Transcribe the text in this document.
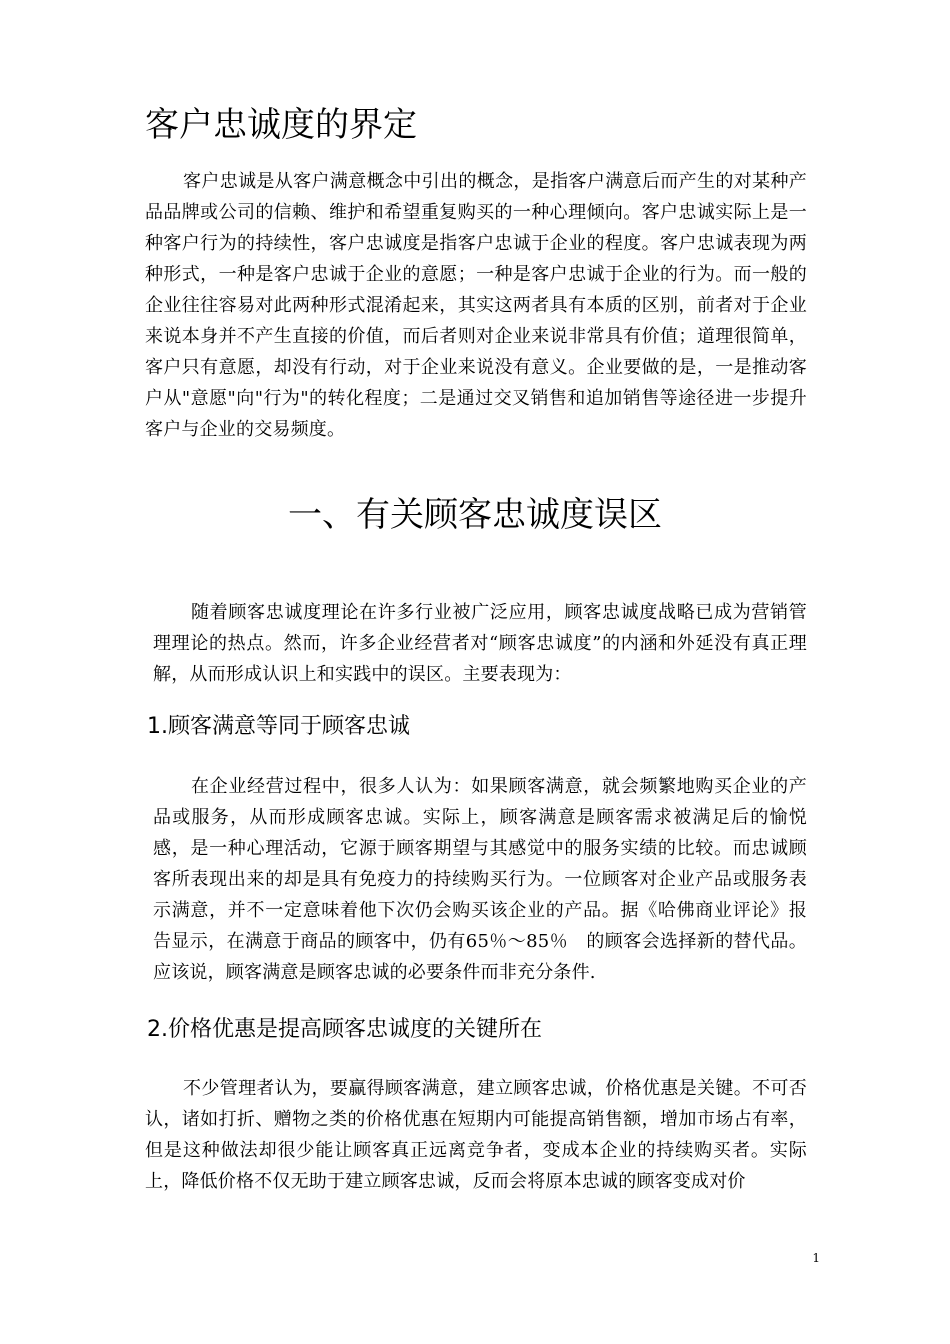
客户忠诚度的界定

客户忠诚是从客户满意概念中引出的概念，是指客户满意后而产生的对某种产品品牌或公司的信赖、维护和希望重复购买的一种心理倾向。客户忠诚实际上是一种客户行为的持续性，客户忠诚度是指客户忠诚于企业的程度。客户忠诚表现为两种形式，一种是客户忠诚于企业的意愿；一种是客户忠诚于企业的行为。而一般的企业往往容易对此两种形式混淆起来，其实这两者具有本质的区别，前者对于企业来说本身并不产生直接的价值，而后者则对企业来说非常具有价值；道理很简单，客户只有意愿，却没有行动，对于企业来说没有意义。企业要做的是，一是推动客户从"意愿"向"行为"的转化程度；二是通过交叉销售和追加销售等途径进一步提升客户与企业的交易频度。

一、有关顾客忠诚度误区

随着顾客忠诚度理论在许多行业被广泛应用，顾客忠诚度战略已成为营销管理理论的热点。然而，许多企业经营者对“顾客忠诚度”的内涵和外延没有真正理解，从而形成认识上和实践中的误区。主要表现为：

1.顾客满意等同于顾客忠诚

在企业经营过程中，很多人认为：如果顾客满意，就会频繁地购买企业的产品或服务，从而形成顾客忠诚。实际上，顾客满意是顾客需求被满足后的愉悦感，是一种心理活动，它源于顾客期望与其感觉中的服务实绩的比较。而忠诚顾客所表现出来的却是具有免疫力的持续购买行为。一位顾客对企业产品或服务表示满意，并不一定意味着他下次仍会购买该企业的产品。据《哈佛商业评论》报告显示，在满意于商品的顾客中，仍有65％～85％　的顾客会选择新的替代品。应该说，顾客满意是顾客忠诚的必要条件而非充分条件.

2.价格优惠是提高顾客忠诚度的关键所在

不少管理者认为，要赢得顾客满意，建立顾客忠诚，价格优惠是关键。不可否认，诸如打折、赠物之类的价格优惠在短期内可能提高销售额，增加市场占有率，但是这种做法却很少能让顾客真正远离竞争者，变成本企业的持续购买者。实际上，降低价格不仅无助于建立顾客忠诚，反而会将原本忠诚的顾客变成对价

1
